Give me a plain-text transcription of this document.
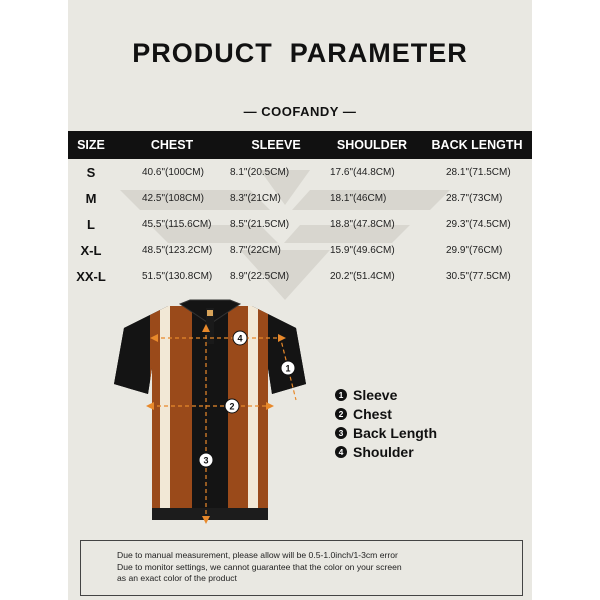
PRODUCT  PARAMETER
— COOFANDY —
SIZE	CHEST	SLEEVE	SHOULDER	BACK LENGTH
S	40.6"(100CM)	8.1"(20.5CM)	17.6"(44.8CM)	28.1"(71.5CM)
M	42.5"(108CM)	8.3"(21CM)	18.1"(46CM)	28.7"(73CM)
L	45.5"(115.6CM)	8.5"(21.5CM)	18.8"(47.8CM)	29.3"(74.5CM)
X-L	48.5"(123.2CM)	8.7"(22CM)	15.9"(49.6CM)	29.9"(76CM)
XX-L	51.5"(130.8CM)	8.9"(22.5CM)	20.2"(51.4CM)	30.5"(77.5CM)
4
1
2
3
1 Sleeve
2 Chest
3 Back Length
4 Shoulder
Due to manual measurement, please allow will be 0.5-1.0inch/1-3cm error
Due to monitor settings, we cannot guarantee that the color on your screen
as an exact color of the product
